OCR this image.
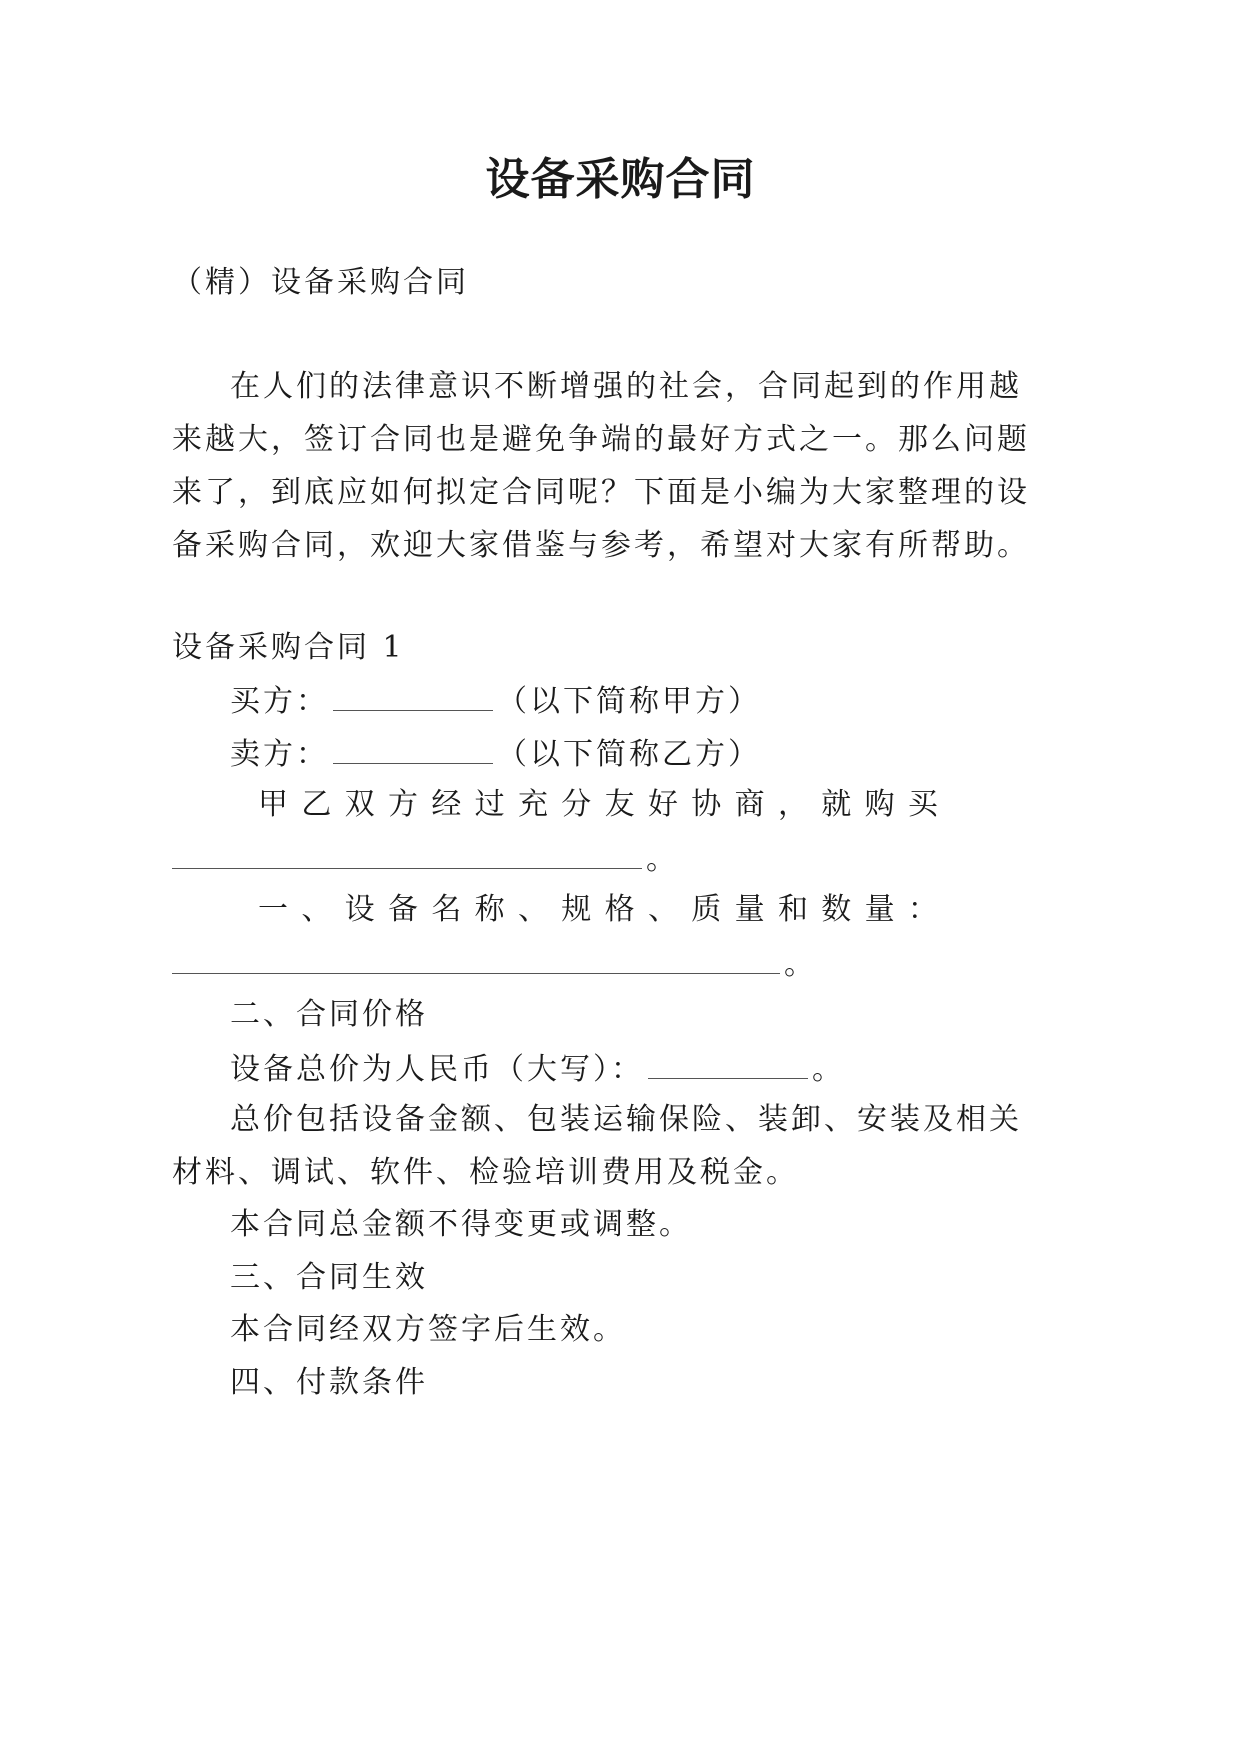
设备采购合同
（精）设备采购合同
在人们的法律意识不断增强的社会，合同起到的作用越
来越大，签订合同也是避免争端的最好方式之一。那么问题
来了，到底应如何拟定合同呢？下面是小编为大家整理的设
备采购合同，欢迎大家借鉴与参考，希望对大家有所帮助。
设备采购合同 1
买方：	（以下简称甲方）
卖方：	（以下简称乙方）
甲 乙 双 方 经 过 充 分 友 好 协 商 ， 就 购 买
。
一 、 设 备 名 称 、 规 格 、 质 量 和 数 量 ：
。
二、合同价格
设备总价为人民币（大写）：	。
总价包括设备金额、包装运输保险、装卸、安装及相关
材料、调试、软件、检验培训费用及税金。
本合同总金额不得变更或调整。
三、合同生效
本合同经双方签字后生效。
四、付款条件
